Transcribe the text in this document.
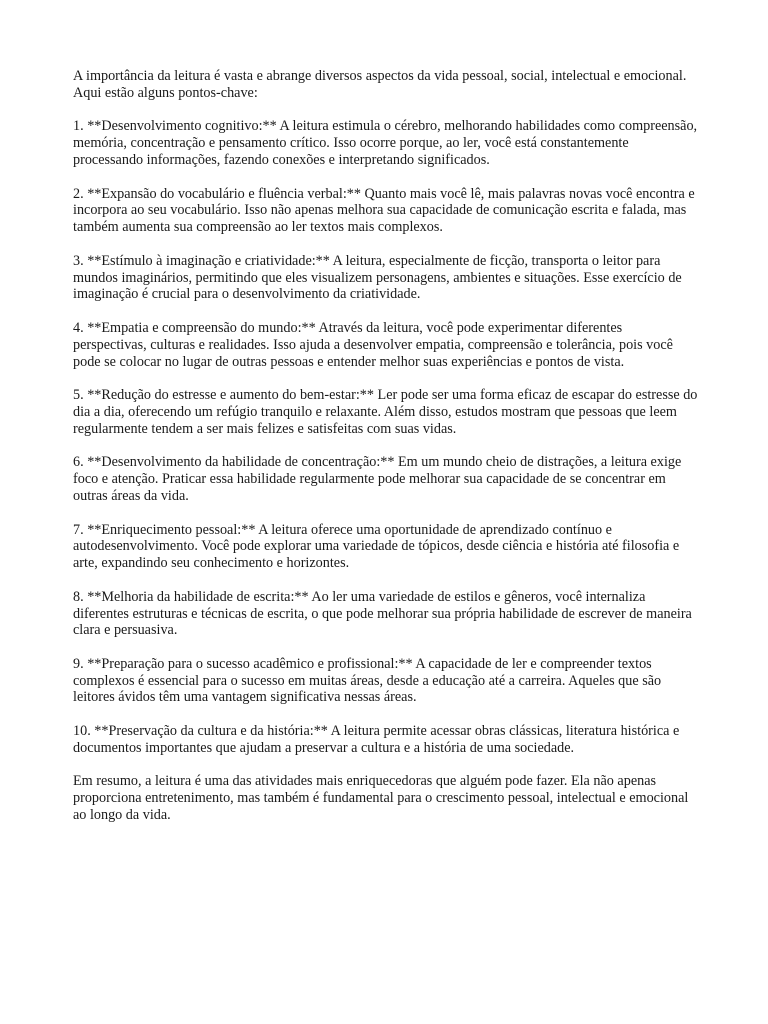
A importância da leitura é vasta e abrange diversos aspectos da vida pessoal, social, intelectual e emocional. Aqui estão alguns pontos-chave:

1. **Desenvolvimento cognitivo:** A leitura estimula o cérebro, melhorando habilidades como compreensão, memória, concentração e pensamento crítico. Isso ocorre porque, ao ler, você está constantemente processando informações, fazendo conexões e interpretando significados.

2. **Expansão do vocabulário e fluência verbal:** Quanto mais você lê, mais palavras novas você encontra e incorpora ao seu vocabulário. Isso não apenas melhora sua capacidade de comunicação escrita e falada, mas também aumenta sua compreensão ao ler textos mais complexos.

3. **Estímulo à imaginação e criatividade:** A leitura, especialmente de ficção, transporta o leitor para mundos imaginários, permitindo que eles visualizem personagens, ambientes e situações. Esse exercício de imaginação é crucial para o desenvolvimento da criatividade.

4. **Empatia e compreensão do mundo:** Através da leitura, você pode experimentar diferentes perspectivas, culturas e realidades. Isso ajuda a desenvolver empatia, compreensão e tolerância, pois você pode se colocar no lugar de outras pessoas e entender melhor suas experiências e pontos de vista.

5. **Redução do estresse e aumento do bem-estar:** Ler pode ser uma forma eficaz de escapar do estresse do dia a dia, oferecendo um refúgio tranquilo e relaxante. Além disso, estudos mostram que pessoas que leem regularmente tendem a ser mais felizes e satisfeitas com suas vidas.

6. **Desenvolvimento da habilidade de concentração:** Em um mundo cheio de distrações, a leitura exige foco e atenção. Praticar essa habilidade regularmente pode melhorar sua capacidade de se concentrar em outras áreas da vida.

7. **Enriquecimento pessoal:** A leitura oferece uma oportunidade de aprendizado contínuo e autodesenvolvimento. Você pode explorar uma variedade de tópicos, desde ciência e história até filosofia e arte, expandindo seu conhecimento e horizontes.

8. **Melhoria da habilidade de escrita:** Ao ler uma variedade de estilos e gêneros, você internaliza diferentes estruturas e técnicas de escrita, o que pode melhorar sua própria habilidade de escrever de maneira clara e persuasiva.

9. **Preparação para o sucesso acadêmico e profissional:** A capacidade de ler e compreender textos complexos é essencial para o sucesso em muitas áreas, desde a educação até a carreira. Aqueles que são leitores ávidos têm uma vantagem significativa nessas áreas.

10. **Preservação da cultura e da história:** A leitura permite acessar obras clássicas, literatura histórica e documentos importantes que ajudam a preservar a cultura e a história de uma sociedade.

Em resumo, a leitura é uma das atividades mais enriquecedoras que alguém pode fazer. Ela não apenas proporciona entretenimento, mas também é fundamental para o crescimento pessoal, intelectual e emocional ao longo da vida.
